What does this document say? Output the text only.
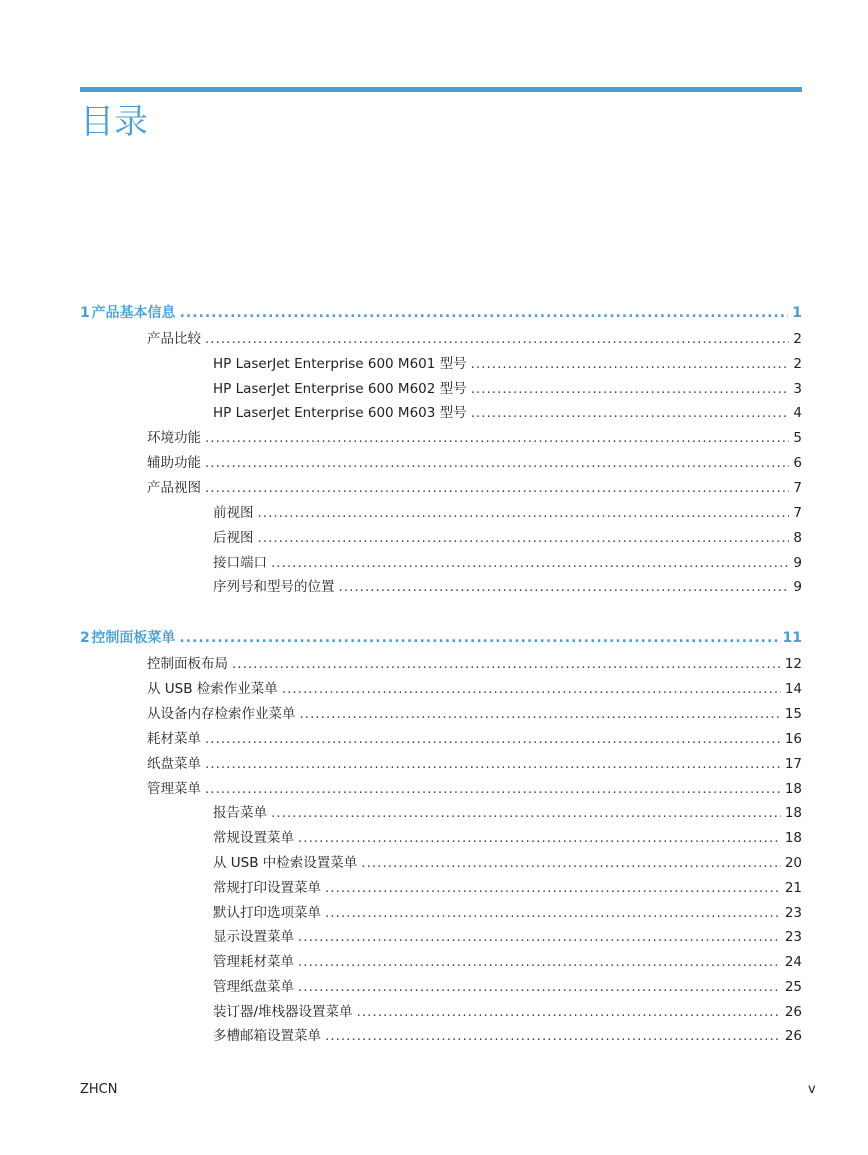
目录
1 产品基本信息 .....	1
产品比较 .....	2
HP LaserJet Enterprise 600 M601 型号 .....	2
HP LaserJet Enterprise 600 M602 型号 .....	3
HP LaserJet Enterprise 600 M603 型号 .....	4
环境功能 .....	5
辅助功能 .....	6
产品视图 .....	7
前视图 .....	7
后视图 .....	8
接口端口 .....	9
序列号和型号的位置 .....	9
2 控制面板菜单 .....	11
控制面板布局 .....	12
从 USB 检索作业菜单 .....	14
从设备内存检索作业菜单 .....	15
耗材菜单 .....	16
纸盘菜单 .....	17
管理菜单 .....	18
报告菜单 .....	18
常规设置菜单 .....	18
从 USB 中检索设置菜单 .....	20
常规打印设置菜单 .....	21
默认打印选项菜单 .....	23
显示设置菜单 .....	23
管理耗材菜单 .....	24
管理纸盘菜单 .....	25
装订器/堆栈器设置菜单 .....	26
多槽邮箱设置菜单 .....	26
ZHCN	v
